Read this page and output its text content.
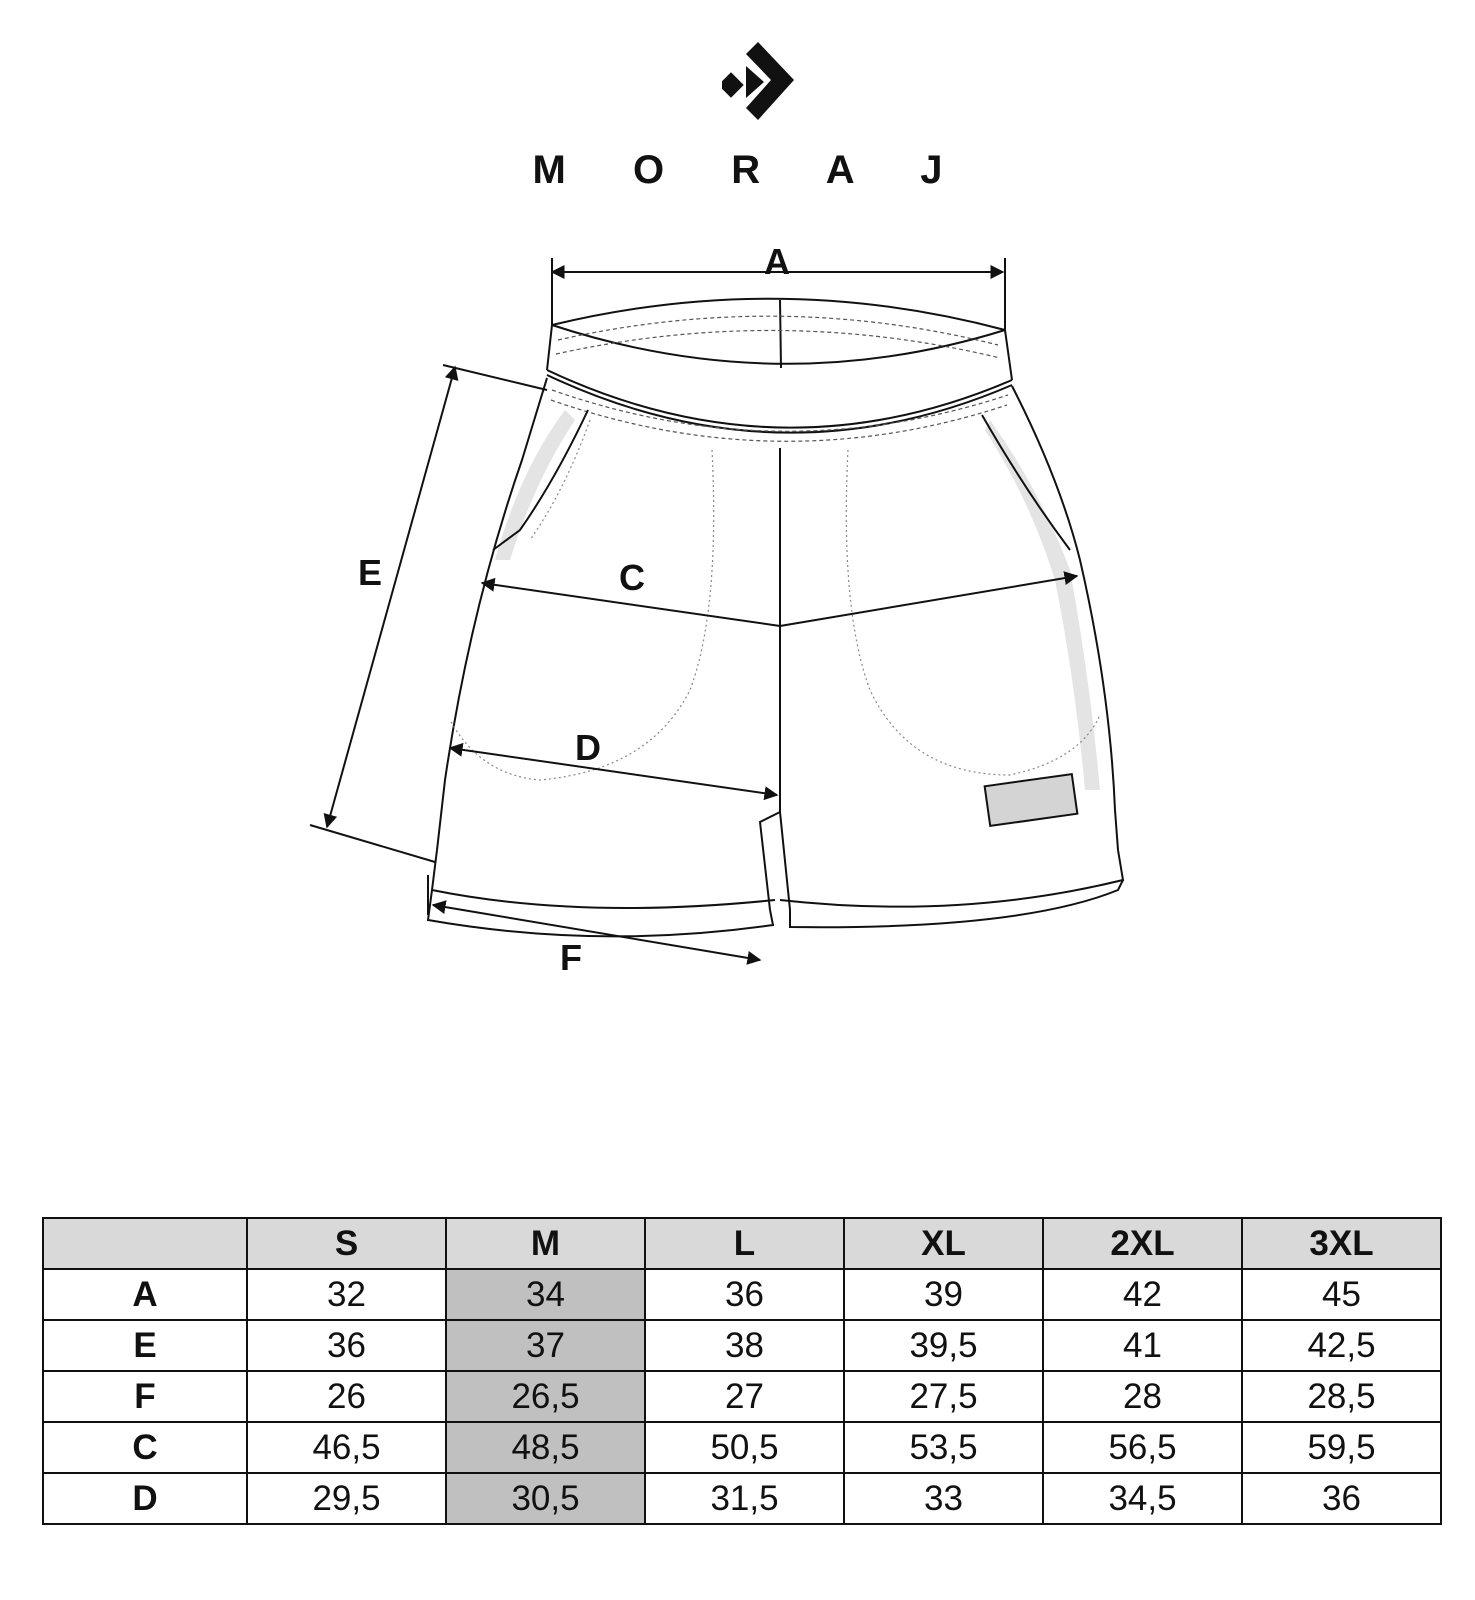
M O R A J
A
E	C
D
F
	S	M	L	XL	2XL	3XL
A	32	34	36	39	42	45
E	36	37	38	39,5	41	42,5
F	26	26,5	27	27,5	28	28,5
C	46,5	48,5	50,5	53,5	56,5	59,5
D	29,5	30,5	31,5	33	34,5	36
